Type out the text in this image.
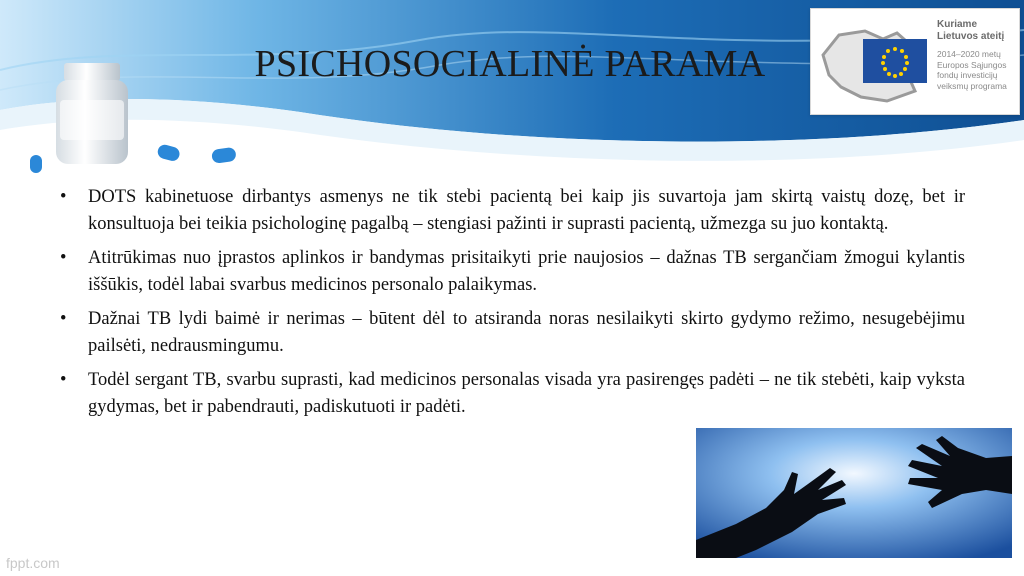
PSICHOSOCIALINĖ PARAMA
Kuriame
Lietuvos ateitį
2014–2020 metų
Europos Sąjungos
fondų investicijų
veiksmų programa
• DOTS kabinetuose dirbantys asmenys ne tik stebi pacientą bei kaip jis suvartoja jam skirtą vaistų dozę, bet ir konsultuoja bei teikia psichologinę pagalbą – stengiasi pažinti ir suprasti pacientą, užmezga su juo kontaktą.
• Atitrūkimas nuo įprastos aplinkos ir bandymas prisitaikyti prie naujosios – dažnas TB sergančiam žmogui kylantis iššūkis, todėl labai svarbus medicinos personalo palaikymas.
• Dažnai TB lydi baimė ir nerimas – būtent dėl to atsiranda noras nesilaikyti skirto gydymo režimo, nesugebėjimu pailsėti, nedrausmingumu.
• Todėl sergant TB, svarbu suprasti, kad medicinos personalas visada yra pasirengęs padėti – ne tik stebėti, kaip vyksta gydymas, bet ir pabendrauti, padiskutuoti ir padėti.
fppt.com
